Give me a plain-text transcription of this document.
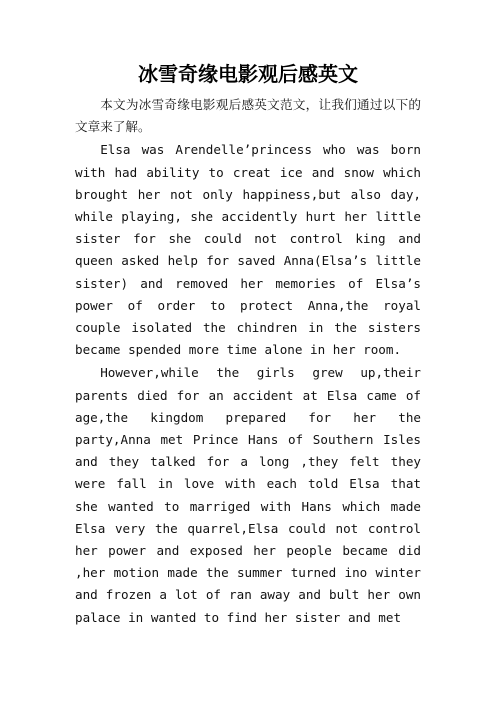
冰雪奇缘电影观后感英文

本文为冰雪奇缘电影观后感英文范文，让我们通过以下的文章来了解。

Elsa was Arendelle’princess who was born with had ability to creat ice and snow which brought her not only happiness,but also day, while playing, she accidently hurt her little sister for she could not control king and queen asked help for saved Anna(Elsa’s little sister) and removed her memories of Elsa’s power of order to protect Anna,the royal couple isolated the chindren in the sisters became spended more time alone in her room.

However,while the girls grew up,their parents died for an accident at Elsa came of age,the kingdom prepared for her the party,Anna met Prince Hans of Southern Isles and they talked for a long ,they felt they were fall in love with each told Elsa that she wanted to marriged with Hans which made Elsa very the quarrel,Elsa could not control her power and exposed her people became did ,her motion made the summer turned ino winter and frozen a lot of ran away and bult her own palace in wanted to find her sister and met
